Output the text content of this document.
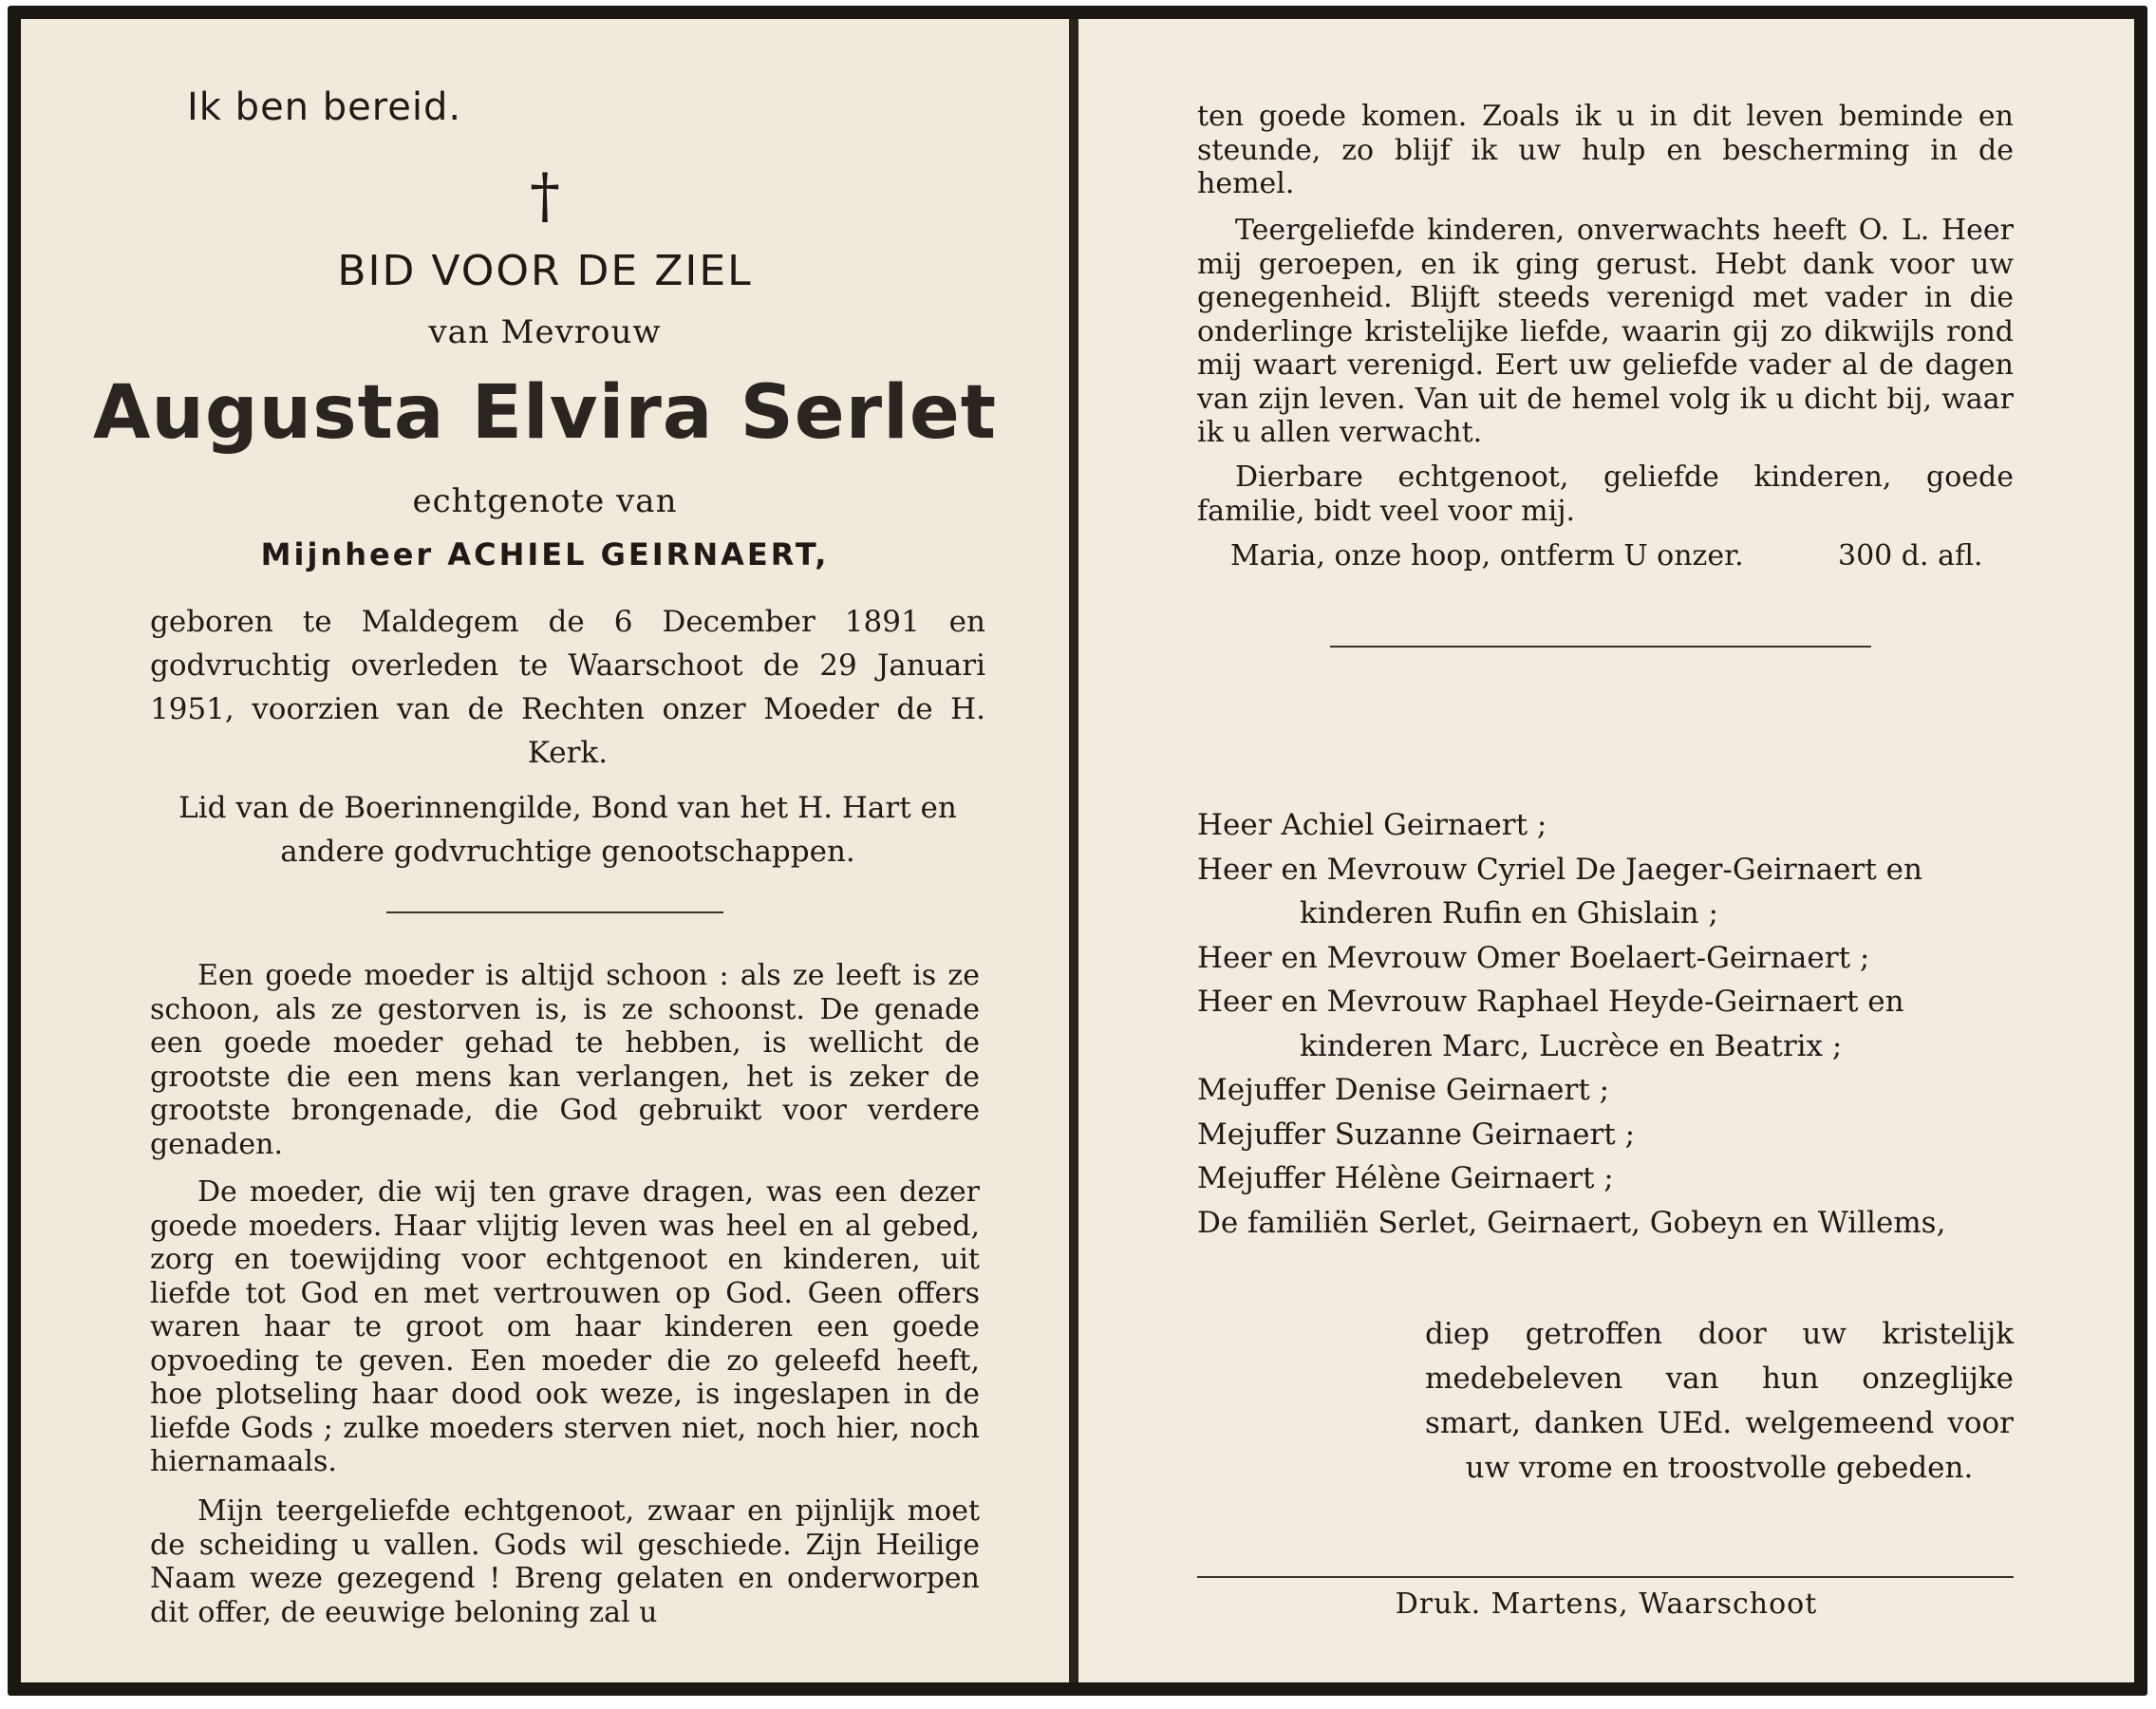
Ik ben bereid.
†
BID VOOR DE ZIEL
van Mevrouw
Augusta Elvira Serlet
echtgenote van
Mijnheer ACHIEL GEIRNAERT,
geboren te Maldegem de 6 December 1891 en godvruchtig overleden te Waarschoot de 29 Januari 1951, voorzien van de Rechten onzer Moeder de H. Kerk.
Lid van de Boerinnengilde, Bond van het H. Hart en andere godvruchtige genootschappen.

Een goede moeder is altijd schoon : als ze leeft is ze schoon, als ze gestorven is, is ze schoonst. De genade een goede moeder gehad te hebben, is wellicht de grootste die een mens kan verlangen, het is zeker de grootste brongenade, die God gebruikt voor verdere genaden.

De moeder, die wij ten grave dragen, was een dezer goede moeders. Haar vlijtig leven was heel en al gebed, zorg en toewijding voor echtgenoot en kinderen, uit liefde tot God en met vertrouwen op God. Geen offers waren haar te groot om haar kinderen een goede opvoeding te geven. Een moeder die zo geleefd heeft, hoe plotseling haar dood ook weze, is ingeslapen in de liefde Gods ; zulke moeders sterven niet, noch hier, noch hiernamaals.

Mijn teergeliefde echtgenoot, zwaar en pijnlijk moet de scheiding u vallen. Gods wil geschiede. Zijn Heilige Naam weze gezegend ! Breng gelaten en onderworpen dit offer, de eeuwige beloning zal u

ten goede komen. Zoals ik u in dit leven beminde en steunde, zo blijf ik uw hulp en bescherming in de hemel.

Teergeliefde kinderen, onverwachts heeft O. L. Heer mij geroepen, en ik ging gerust. Hebt dank voor uw genegenheid. Blijft steeds verenigd met vader in die onderlinge kristelijke liefde, waarin gij zo dikwijls rond mij waart verenigd. Eert uw geliefde vader al de dagen van zijn leven. Van uit de hemel volg ik u dicht bij, waar ik u allen verwacht.

Dierbare echtgenoot, geliefde kinderen, goede familie, bidt veel voor mij.

Maria, onze hoop, ontferm U onzer.	300 d. afl.
Heer Achiel Geirnaert ;
Heer en Mevrouw Cyriel De Jaeger-Geirnaert en
kinderen Rufin en Ghislain ;
Heer en Mevrouw Omer Boelaert-Geirnaert ;
Heer en Mevrouw Raphael Heyde-Geirnaert en
kinderen Marc, Lucrèce en Beatrix ;
Mejuffer Denise Geirnaert ;
Mejuffer Suzanne Geirnaert ;
Mejuffer Hélène Geirnaert ;
De familiën Serlet, Geirnaert, Gobeyn en Willems,
diep getroffen door uw kristelijk medebeleven van hun onzeglijke smart, danken UEd. welgemeend voor uw vrome en troostvolle gebeden.
Druk. Martens, Waarschoot
